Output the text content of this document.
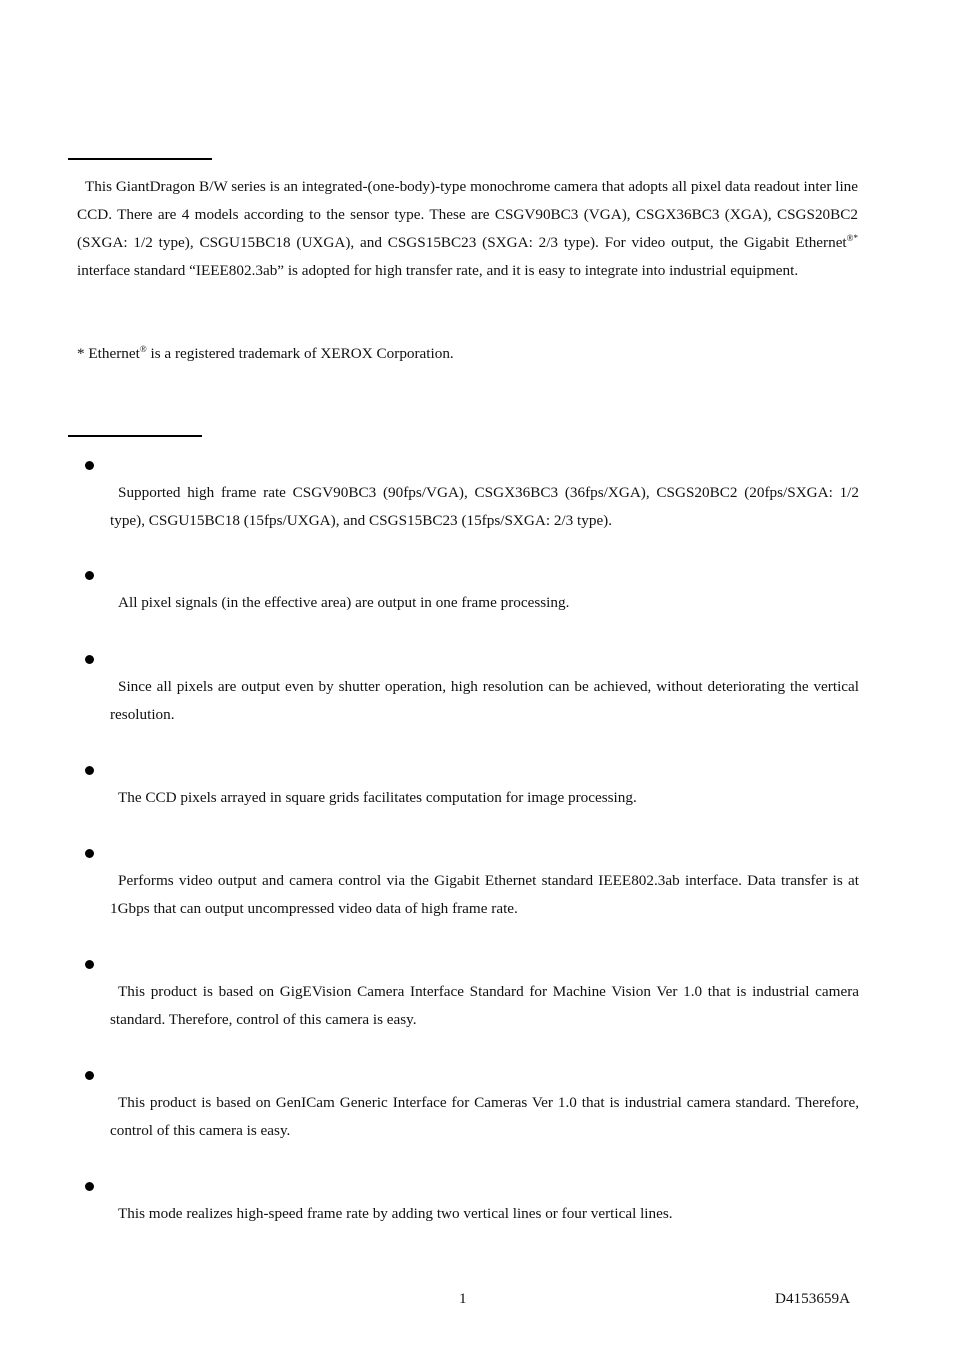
This GiantDragon B/W series is an integrated-(one-body)-type monochrome camera that adopts all pixel data readout inter line CCD. There are 4 models according to the sensor type. These are CSGV90BC3 (VGA), CSGX36BC3 (XGA), CSGS20BC2 (SXGA: 1/2 type), CSGU15BC18 (UXGA), and CSGS15BC23 (SXGA: 2/3 type). For video output, the Gigabit Ethernet®* interface standard “IEEE802.3ab” is adopted for high transfer rate, and it is easy to integrate into industrial equipment.
* Ethernet® is a registered trademark of XEROX Corporation.
Supported high frame rate CSGV90BC3 (90fps/VGA), CSGX36BC3 (36fps/XGA), CSGS20BC2 (20fps/SXGA: 1/2 type), CSGU15BC18 (15fps/UXGA), and CSGS15BC23 (15fps/SXGA: 2/3 type).
All pixel signals (in the effective area) are output in one frame processing.
Since all pixels are output even by shutter operation, high resolution can be achieved, without deteriorating the vertical resolution.
The CCD pixels arrayed in square grids facilitates computation for image processing.
Performs video output and camera control via the Gigabit Ethernet standard IEEE802.3ab interface. Data transfer is at 1Gbps that can output uncompressed video data of high frame rate.
This product is based on GigEVision Camera Interface Standard for Machine Vision Ver 1.0 that is industrial camera standard. Therefore, control of this camera is easy.
This product is based on GenICam Generic Interface for Cameras Ver 1.0 that is industrial camera standard. Therefore, control of this camera is easy.
This mode realizes high-speed frame rate by adding two vertical lines or four vertical lines.
1	D4153659A
